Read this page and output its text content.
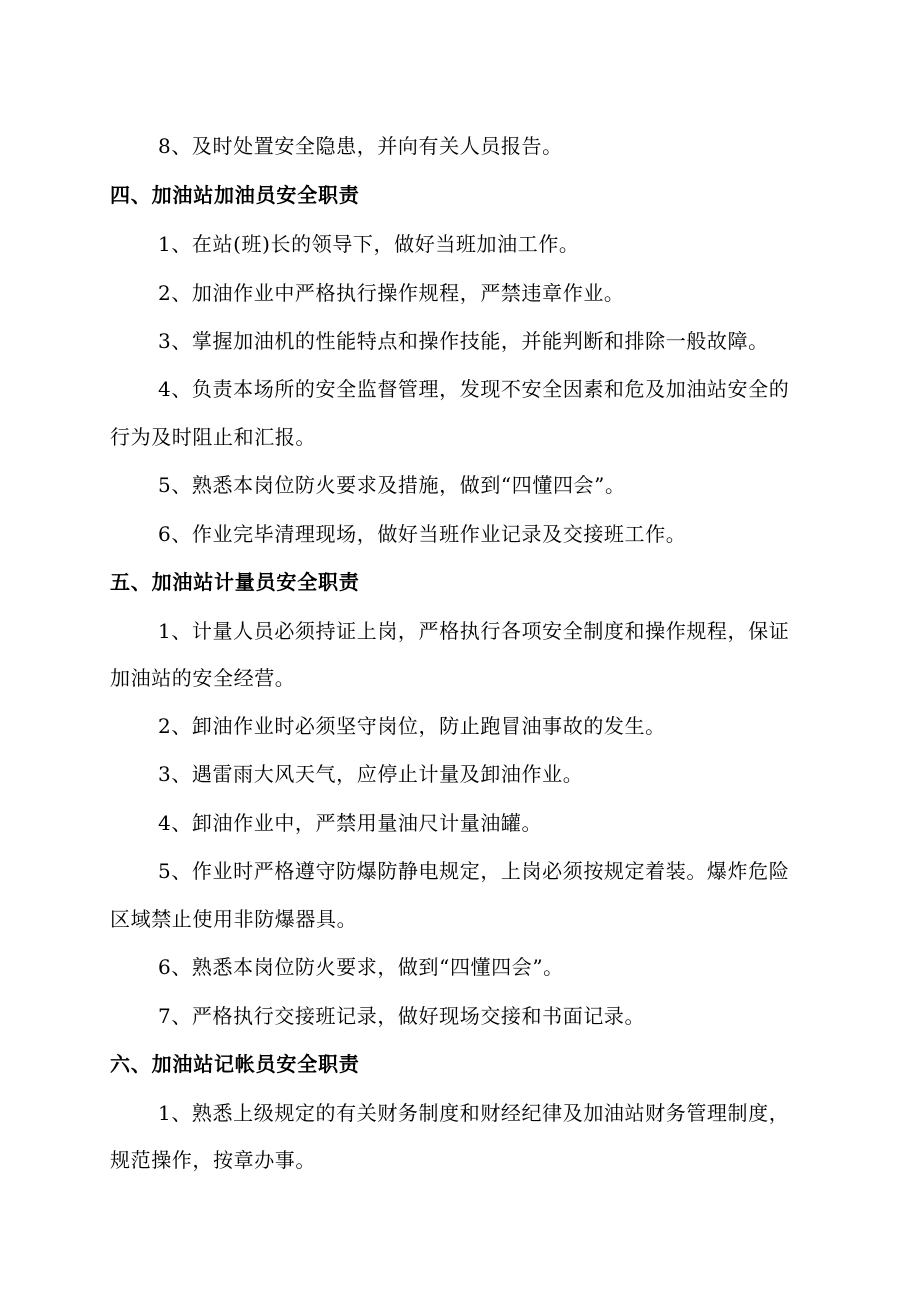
8、及时处置安全隐患，并向有关人员报告。
四、加油站加油员安全职责
1、在站(班)长的领导下，做好当班加油工作。
2、加油作业中严格执行操作规程，严禁违章作业。
3、掌握加油机的性能特点和操作技能，并能判断和排除一般故障。
4、负责本场所的安全监督管理，发现不安全因素和危及加油站安全的
行为及时阻止和汇报。
5、熟悉本岗位防火要求及措施，做到“四懂四会”。
6、作业完毕清理现场，做好当班作业记录及交接班工作。
五、加油站计量员安全职责
1、计量人员必须持证上岗，严格执行各项安全制度和操作规程，保证
加油站的安全经营。
2、卸油作业时必须坚守岗位，防止跑冒油事故的发生。
3、遇雷雨大风天气，应停止计量及卸油作业。
4、卸油作业中，严禁用量油尺计量油罐。
5、作业时严格遵守防爆防静电规定，上岗必须按规定着装。爆炸危险
区域禁止使用非防爆器具。
6、熟悉本岗位防火要求，做到“四懂四会”。
7、严格执行交接班记录，做好现场交接和书面记录。
六、加油站记帐员安全职责
1、熟悉上级规定的有关财务制度和财经纪律及加油站财务管理制度，
规范操作，按章办事。
